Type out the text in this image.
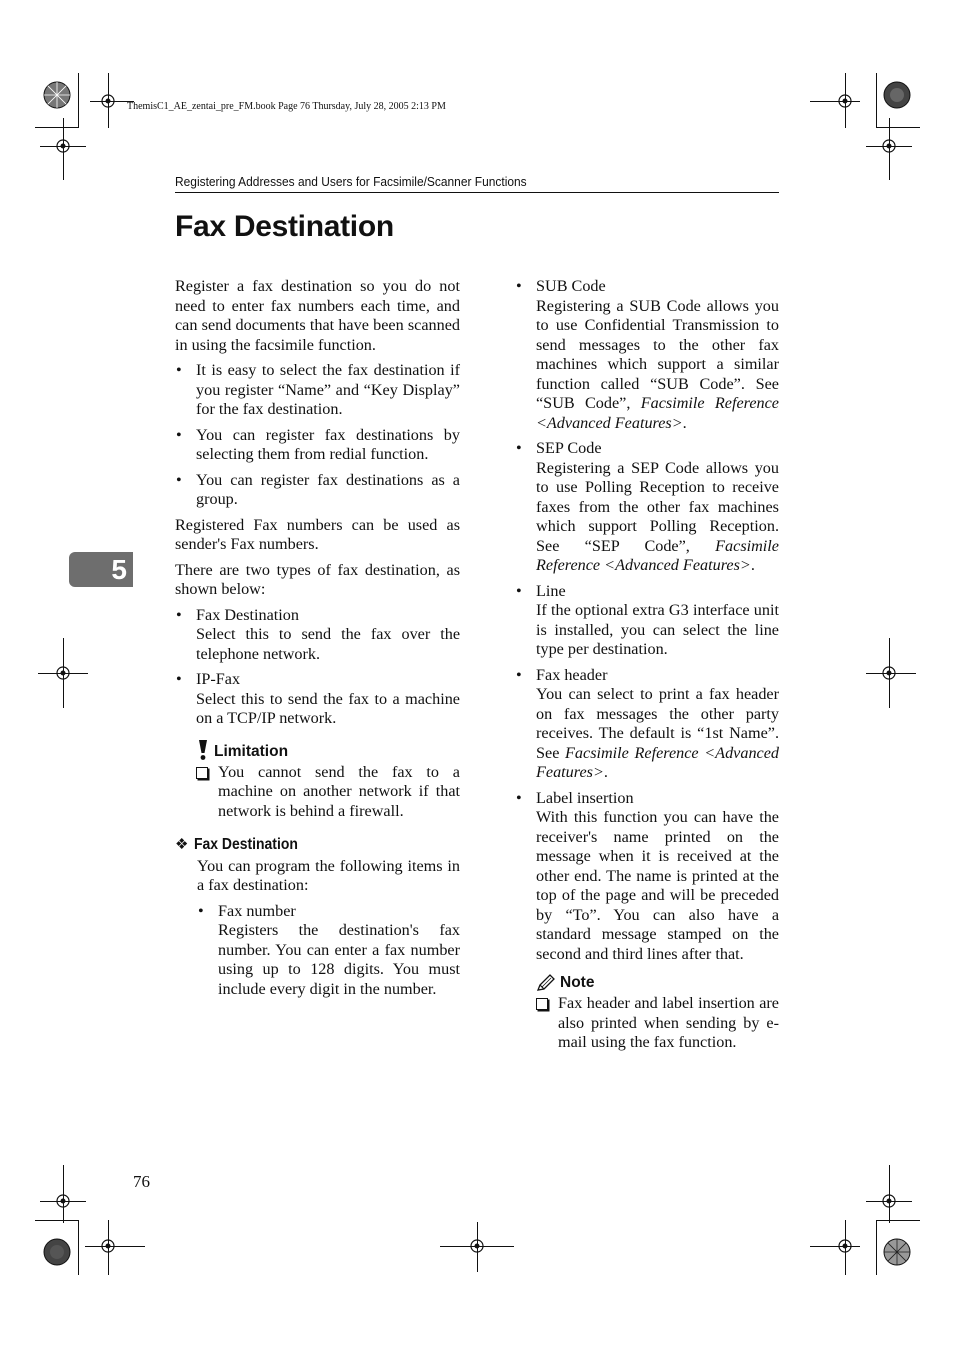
ThemisC1_AE_zentai_pre_FM.book Page 76 Thursday, July 28, 2005 2:13 PM
Registering Addresses and Users for Facsimile/Scanner Functions
Fax Destination
5

Register a fax destination so you do not need to enter fax numbers each time, and can send documents that have been scanned in using the facsimile function.

• It is easy to select the fax destination if you register “Name” and “Key Display” for the fax destination.
• You can register fax destinations by selecting them from redial function.
• You can register fax destinations as a group.

Registered Fax numbers can be used as sender's Fax numbers.

There are two types of fax destination, as shown below:

• Fax Destination
Select this to send the fax over the telephone network.
• IP-Fax
Select this to send the fax to a machine on a TCP/IP network.
Limitation
You cannot send the fax to a machine on another network if that network is behind a firewall.
❖ Fax Destination

You can program the following items in a fax destination:

• Fax number
Registers the destination's fax number. You can enter a fax number using up to 128 digits. You must include every digit in the number.
• SUB Code
Registering a SUB Code allows you to use Confidential Transmission to send messages to the other fax machines which support a similar function called “SUB Code”. See “SUB Code”, Facsimile Reference <Advanced Features>.
• SEP Code
Registering a SEP Code allows you to use Polling Reception to receive faxes from the other fax machines which support Polling Reception. See “SEP Code”, Facsimile Reference <Advanced Features>.
• Line
If the optional extra G3 interface unit is installed, you can select the line type per destination.
• Fax header
You can select to print a fax header on fax messages the other party receives. The default is “1st Name”. See Facsimile Reference <Advanced Features>.
• Label insertion
With this function you can have the receiver's name printed on the message when it is received at the other end. The name is printed at the top of the page and will be preceded by “To”. You can also have a standard message stamped on the second and third lines after that.
Note
Fax header and label insertion are also printed when sending by e-mail using the fax function.
76
